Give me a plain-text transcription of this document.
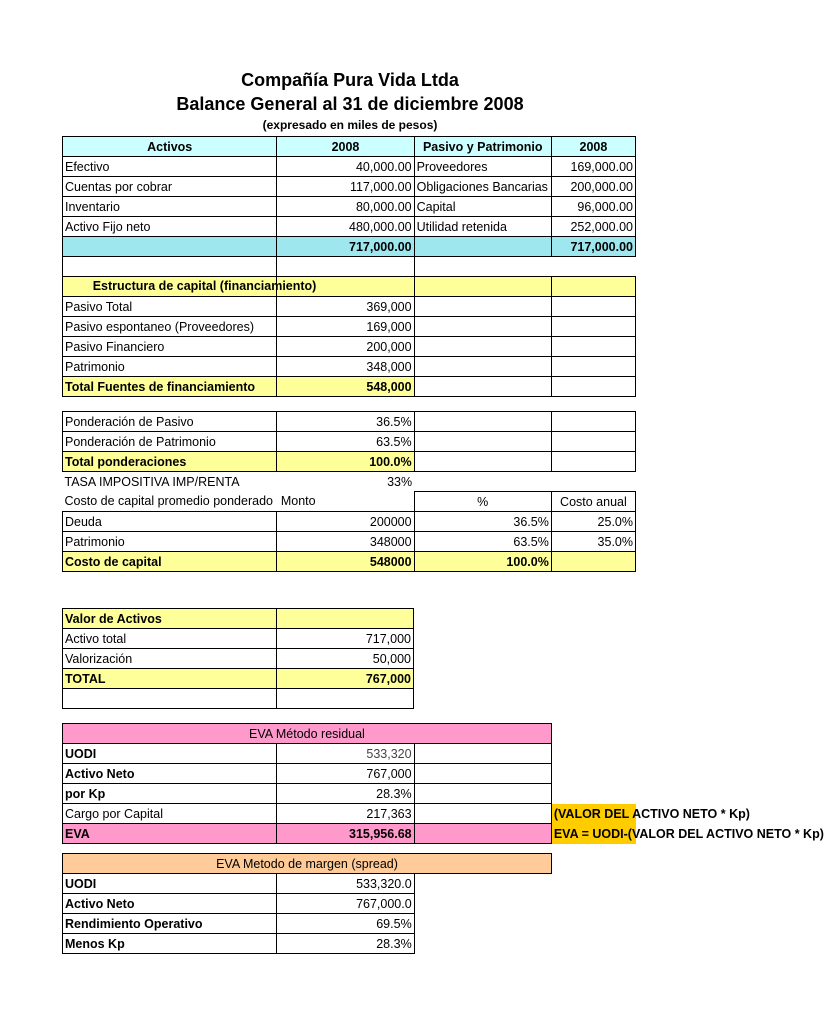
Compañía Pura Vida Ltda
Balance General al 31 de diciembre 2008
(expresado en miles de pesos)
Activos	2008	Pasivo y Patrimonio	2008
Efectivo	40,000.00	Proveedores	169,000.00
Cuentas por cobrar	117,000.00	Obligaciones Bancarias	200,000.00
Inventario	80,000.00	Capital	96,000.00
Activo Fijo neto	480,000.00	Utilidad retenida	252,000.00
	717,000.00		717,000.00

Estructura de capital (financiamiento)			

Pasivo Total	369,000		
Pasivo espontaneo (Proveedores)	169,000		
Pasivo Financiero	200,000		
Patrimonio	348,000		
Total Fuentes de financiamiento	548,000		
Ponderación de Pasivo	36.5%		
Ponderación de Patrimonio	63.5%		
Total ponderaciones	100.0%		
TASA IMPOSITIVA IMP/RENTA	33%		
Costo de capital promedio ponderado	Monto	%	Costo anual
Deuda	200000	36.5%	25.0%
Patrimonio	348000	63.5%	35.0%
Costo de capital	548000	100.0%	
Valor de Activos	
Activo total	717,000
Valorización	50,000
TOTAL	767,000

EVA Método residual			
UODI	533,320		
Activo Neto	767,000		
por Kp	28.3%		
Cargo por Capital	217,363		(VALOR DEL ACTIVO NETO * Kp)
EVA	315,956.68		EVA = UODI-(VALOR DEL ACTIVO NETO * Kp)
EVA Metodo de margen (spread)		
UODI	533,320.0	
Activo Neto	767,000.0	
Rendimiento Operativo	69.5%	
Menos Kp	28.3%	
